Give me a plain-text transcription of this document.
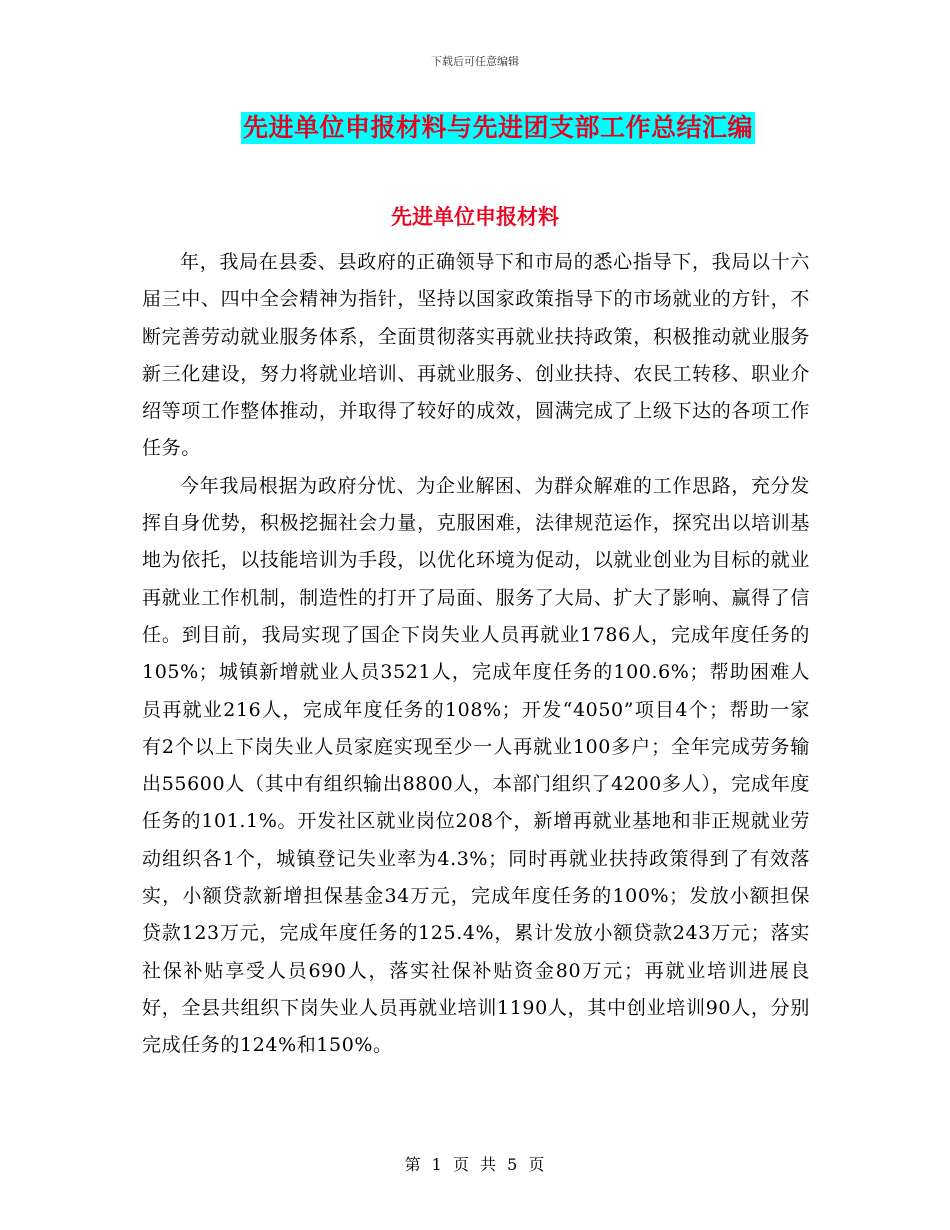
下载后可任意编辑
先进单位申报材料与先进团支部工作总结汇编
先进单位申报材料

年，我局在县委、县政府的正确领导下和市局的悉心指导下，我局以十六届三中、四中全会精神为指针，坚持以国家政策指导下的市场就业的方针，不断完善劳动就业服务体系，全面贯彻落实再就业扶持政策，积极推动就业服务新三化建设，努力将就业培训、再就业服务、创业扶持、农民工转移、职业介绍等项工作整体推动，并取得了较好的成效，圆满完成了上级下达的各项工作任务。

今年我局根据为政府分忧、为企业解困、为群众解难的工作思路，充分发挥自身优势，积极挖掘社会力量，克服困难，法律规范运作，探究出以培训基地为依托，以技能培训为手段，以优化环境为促动，以就业创业为目标的就业再就业工作机制，制造性的打开了局面、服务了大局、扩大了影响、赢得了信任。到目前，我局实现了国企下岗失业人员再就业1786人，完成年度任务的105%；城镇新增就业人员3521人，完成年度任务的100.6%；帮助困难人员再就业216人，完成年度任务的108%；开发“4050”项目4个；帮助一家有2个以上下岗失业人员家庭实现至少一人再就业100多户；全年完成劳务输出55600人（其中有组织输出8800人，本部门组织了4200多人），完成年度任务的101.1%。开发社区就业岗位208个，新增再就业基地和非正规就业劳动组织各1个，城镇登记失业率为4.3%；同时再就业扶持政策得到了有效落实，小额贷款新增担保基金34万元，完成年度任务的100%；发放小额担保贷款123万元，完成年度任务的125.4%，累计发放小额贷款243万元；落实社保补贴享受人员690人，落实社保补贴资金80万元；再就业培训进展良好，全县共组织下岗失业人员再就业培训1190人，其中创业培训90人，分别完成任务的124%和150%。

第 1 页 共 5 页
